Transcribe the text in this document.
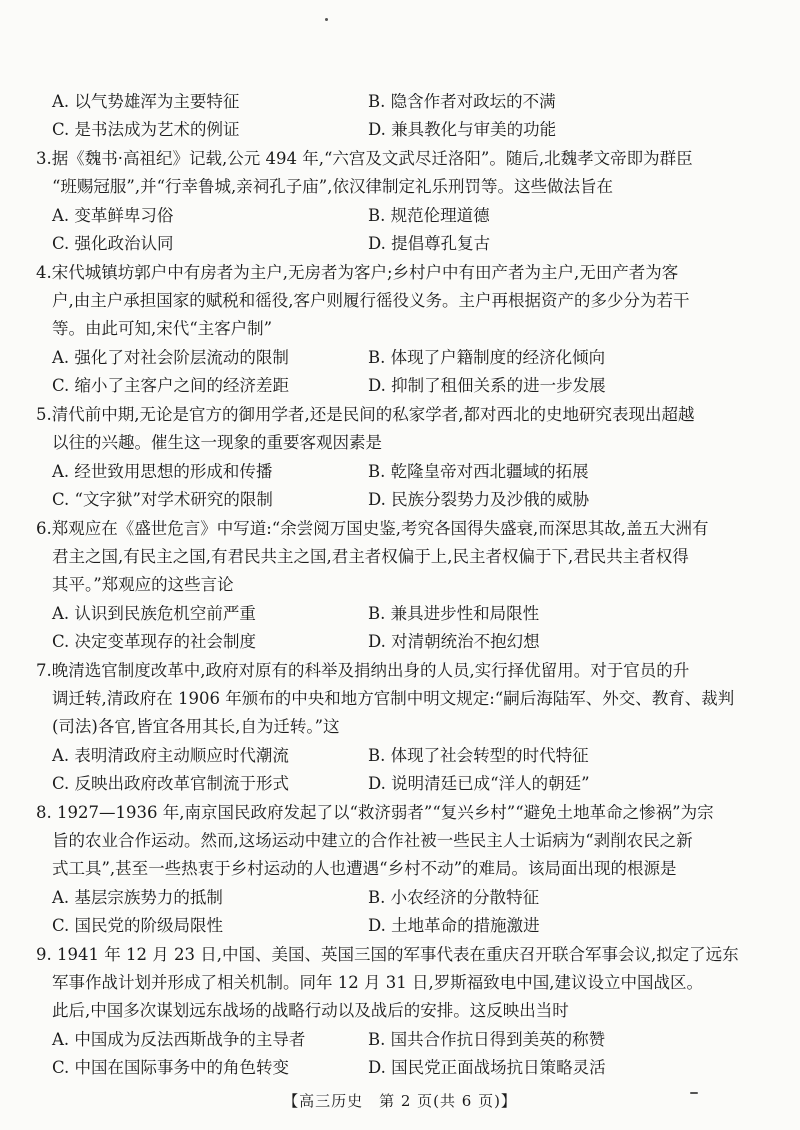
A. 以气势雄浑为主要特征	B. 隐含作者对政坛的不满
C. 是书法成为艺术的例证	D. 兼具教化与审美的功能
3.据《魏书·高祖纪》记载,公元 494 年,“六宫及文武尽迁洛阳”。随后,北魏孝文帝即为群臣
“班赐冠服”,并“行幸鲁城,亲祠孔子庙”,依汉律制定礼乐刑罚等。这些做法旨在
A. 变革鲜卑习俗	B. 规范伦理道德
C. 强化政治认同	D. 提倡尊孔复古
4.宋代城镇坊郭户中有房者为主户,无房者为客户;乡村户中有田产者为主户,无田产者为客
户,由主户承担国家的赋税和徭役,客户则履行徭役义务。主户再根据资产的多少分为若干
等。由此可知,宋代“主客户制”
A. 强化了对社会阶层流动的限制	B. 体现了户籍制度的经济化倾向
C. 缩小了主客户之间的经济差距	D. 抑制了租佃关系的进一步发展
5.清代前中期,无论是官方的御用学者,还是民间的私家学者,都对西北的史地研究表现出超越
以往的兴趣。催生这一现象的重要客观因素是
A. 经世致用思想的形成和传播	B. 乾隆皇帝对西北疆域的拓展
C. “文字狱”对学术研究的限制	D. 民族分裂势力及沙俄的威胁
6.郑观应在《盛世危言》中写道:“余尝阅万国史鉴,考究各国得失盛衰,而深思其故,盖五大洲有
君主之国,有民主之国,有君民共主之国,君主者权偏于上,民主者权偏于下,君民共主者权得
其平。”郑观应的这些言论
A. 认识到民族危机空前严重	B. 兼具进步性和局限性
C. 决定变革现存的社会制度	D. 对清朝统治不抱幻想
7.晚清选官制度改革中,政府对原有的科举及捐纳出身的人员,实行择优留用。对于官员的升
调迁转,清政府在 1906 年颁布的中央和地方官制中明文规定:“嗣后海陆军、外交、教育、裁判
(司法)各官,皆宜各用其长,自为迁转。”这
A. 表明清政府主动顺应时代潮流	B. 体现了社会转型的时代特征
C. 反映出政府改革官制流于形式	D. 说明清廷已成“洋人的朝廷”
8. 1927—1936 年,南京国民政府发起了以“救济弱者”“复兴乡村”“避免土地革命之惨祸”为宗
旨的农业合作运动。然而,这场运动中建立的合作社被一些民主人士诟病为“剥削农民之新
式工具”,甚至一些热衷于乡村运动的人也遭遇“乡村不动”的难局。该局面出现的根源是
A. 基层宗族势力的抵制	B. 小农经济的分散特征
C. 国民党的阶级局限性	D. 土地革命的措施激进
9. 1941 年 12 月 23 日,中国、美国、英国三国的军事代表在重庆召开联合军事会议,拟定了远东
军事作战计划并形成了相关机制。同年 12 月 31 日,罗斯福致电中国,建议设立中国战区。
此后,中国多次谋划远东战场的战略行动以及战后的安排。这反映出当时
A. 中国成为反法西斯战争的主导者	B. 国共合作抗日得到美英的称赞
C. 中国在国际事务中的角色转变	D. 国民党正面战场抗日策略灵活
【高三历史　第 2 页(共 6 页)】
